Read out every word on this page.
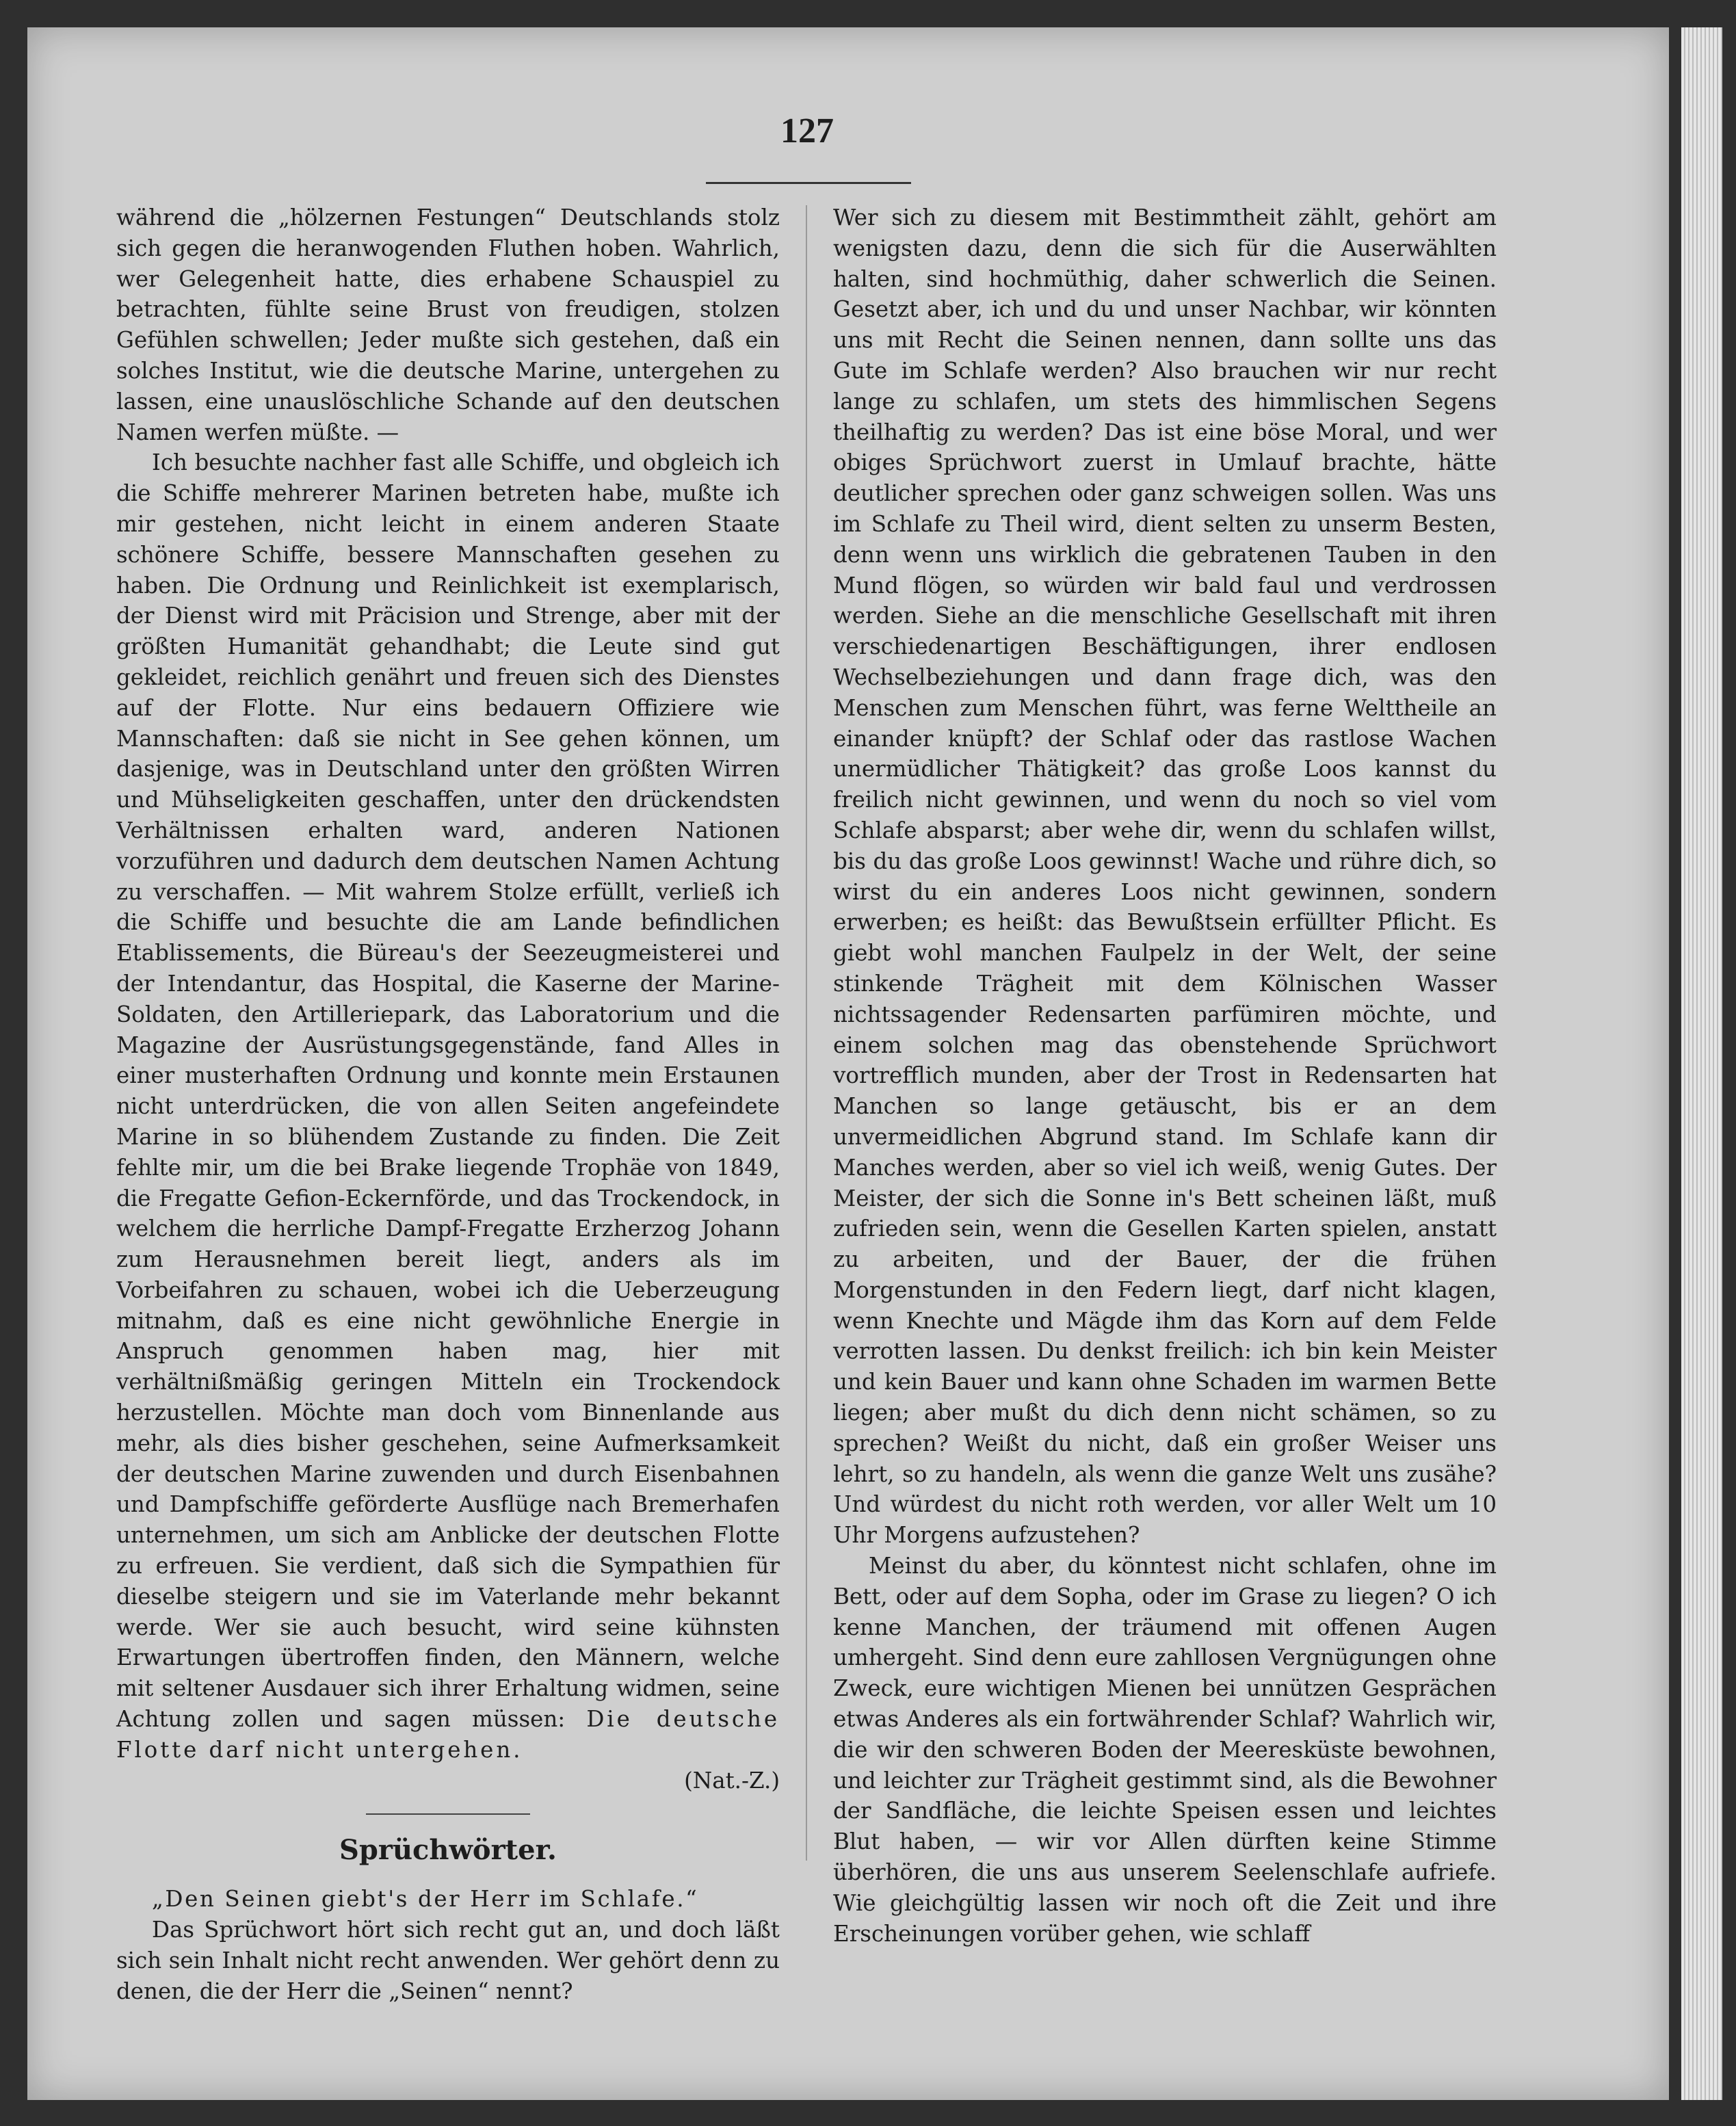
127

während die „hölzernen Festungen“ Deutschlands stolz sich gegen die heranwogenden Fluthen hoben. Wahrlich, wer Gelegenheit hatte, dies erhabene Schauspiel zu betrachten, fühlte seine Brust von freudigen, stolzen Gefühlen schwellen; Jeder mußte sich gestehen, daß ein solches Institut, wie die deutsche Marine, untergehen zu lassen, eine unauslöschliche Schande auf den deutschen Namen werfen müßte. —

Ich besuchte nachher fast alle Schiffe, und obgleich ich die Schiffe mehrerer Marinen betreten habe, mußte ich mir gestehen, nicht leicht in einem anderen Staate schönere Schiffe, bessere Mannschaften gesehen zu haben. Die Ordnung und Reinlichkeit ist exemplarisch, der Dienst wird mit Präcision und Strenge, aber mit der größten Humanität gehandhabt; die Leute sind gut gekleidet, reichlich genährt und freuen sich des Dienstes auf der Flotte. Nur eins bedauern Offiziere wie Mannschaften: daß sie nicht in See gehen können, um dasjenige, was in Deutschland unter den größten Wirren und Mühseligkeiten geschaffen, unter den drückendsten Verhältnissen erhalten ward, anderen Nationen vorzuführen und dadurch dem deutschen Namen Achtung zu verschaffen. — Mit wahrem Stolze erfüllt, verließ ich die Schiffe und besuchte die am Lande befindlichen Etablissements, die Büreau's der Seezeugmeisterei und der Intendantur, das Hospital, die Kaserne der Marine-Soldaten, den Artilleriepark, das Laboratorium und die Magazine der Ausrüstungsgegenstände, fand Alles in einer musterhaften Ordnung und konnte mein Erstaunen nicht unterdrücken, die von allen Seiten angefeindete Marine in so blühendem Zustande zu finden. Die Zeit fehlte mir, um die bei Brake liegende Trophäe von 1849, die Fregatte Gefion-Eckernförde, und das Trockendock, in welchem die herrliche Dampf-Fregatte Erzherzog Johann zum Herausnehmen bereit liegt, anders als im Vorbeifahren zu schauen, wobei ich die Ueberzeugung mitnahm, daß es eine nicht gewöhnliche Energie in Anspruch genommen haben mag, hier mit verhältnißmäßig geringen Mitteln ein Trockendock herzustellen. Möchte man doch vom Binnenlande aus mehr, als dies bisher geschehen, seine Aufmerksamkeit der deutschen Marine zuwenden und durch Eisenbahnen und Dampfschiffe geförderte Ausflüge nach Bremerhafen unternehmen, um sich am Anblicke der deutschen Flotte zu erfreuen. Sie verdient, daß sich die Sympathien für dieselbe steigern und sie im Vaterlande mehr bekannt werde. Wer sie auch besucht, wird seine kühnsten Erwartungen übertroffen finden, den Männern, welche mit seltener Ausdauer sich ihrer Erhaltung widmen, seine Achtung zollen und sagen müssen: Die deutsche Flotte darf nicht untergehen.

(Nat.-Z.)
Sprüchwörter.

„Den Seinen giebt's der Herr im Schlafe.“

Das Sprüchwort hört sich recht gut an, und doch läßt sich sein Inhalt nicht recht anwenden. Wer gehört denn zu denen, die der Herr die „Seinen“ nennt?

Wer sich zu diesem mit Bestimmtheit zählt, gehört am wenigsten dazu, denn die sich für die Auserwählten halten, sind hochmüthig, daher schwerlich die Seinen. Gesetzt aber, ich und du und unser Nachbar, wir könnten uns mit Recht die Seinen nennen, dann sollte uns das Gute im Schlafe werden? Also brauchen wir nur recht lange zu schlafen, um stets des himmlischen Segens theilhaftig zu werden? Das ist eine böse Moral, und wer obiges Sprüchwort zuerst in Umlauf brachte, hätte deutlicher sprechen oder ganz schweigen sollen. Was uns im Schlafe zu Theil wird, dient selten zu unserm Besten, denn wenn uns wirklich die gebratenen Tauben in den Mund flögen, so würden wir bald faul und verdrossen werden. Siehe an die menschliche Gesellschaft mit ihren verschiedenartigen Beschäftigungen, ihrer endlosen Wechselbeziehungen und dann frage dich, was den Menschen zum Menschen führt, was ferne Welttheile an einander knüpft? der Schlaf oder das rastlose Wachen unermüdlicher Thätigkeit? das große Loos kannst du freilich nicht gewinnen, und wenn du noch so viel vom Schlafe absparst; aber wehe dir, wenn du schlafen willst, bis du das große Loos gewinnst! Wache und rühre dich, so wirst du ein anderes Loos nicht gewinnen, sondern erwerben; es heißt: das Bewußtsein erfüllter Pflicht. Es giebt wohl manchen Faulpelz in der Welt, der seine stinkende Trägheit mit dem Kölnischen Wasser nichtssagender Redensarten parfümiren möchte, und einem solchen mag das obenstehende Sprüchwort vortrefflich munden, aber der Trost in Redensarten hat Manchen so lange getäuscht, bis er an dem unvermeidlichen Abgrund stand. Im Schlafe kann dir Manches werden, aber so viel ich weiß, wenig Gutes. Der Meister, der sich die Sonne in's Bett scheinen läßt, muß zufrieden sein, wenn die Gesellen Karten spielen, anstatt zu arbeiten, und der Bauer, der die frühen Morgenstunden in den Federn liegt, darf nicht klagen, wenn Knechte und Mägde ihm das Korn auf dem Felde verrotten lassen. Du denkst freilich: ich bin kein Meister und kein Bauer und kann ohne Schaden im warmen Bette liegen; aber mußt du dich denn nicht schämen, so zu sprechen? Weißt du nicht, daß ein großer Weiser uns lehrt, so zu handeln, als wenn die ganze Welt uns zusähe? Und würdest du nicht roth werden, vor aller Welt um 10 Uhr Morgens aufzustehen?

Meinst du aber, du könntest nicht schlafen, ohne im Bett, oder auf dem Sopha, oder im Grase zu liegen? O ich kenne Manchen, der träumend mit offenen Augen umhergeht. Sind denn eure zahllosen Vergnügungen ohne Zweck, eure wichtigen Mienen bei unnützen Gesprächen etwas Anderes als ein fortwährender Schlaf? Wahrlich wir, die wir den schweren Boden der Meeresküste bewohnen, und leichter zur Trägheit gestimmt sind, als die Bewohner der Sandfläche, die leichte Speisen essen und leichtes Blut haben, — wir vor Allen dürften keine Stimme überhören, die uns aus unserem Seelenschlafe aufriefe. Wie gleichgültig lassen wir noch oft die Zeit und ihre Erscheinungen vorüber gehen, wie schlaff
